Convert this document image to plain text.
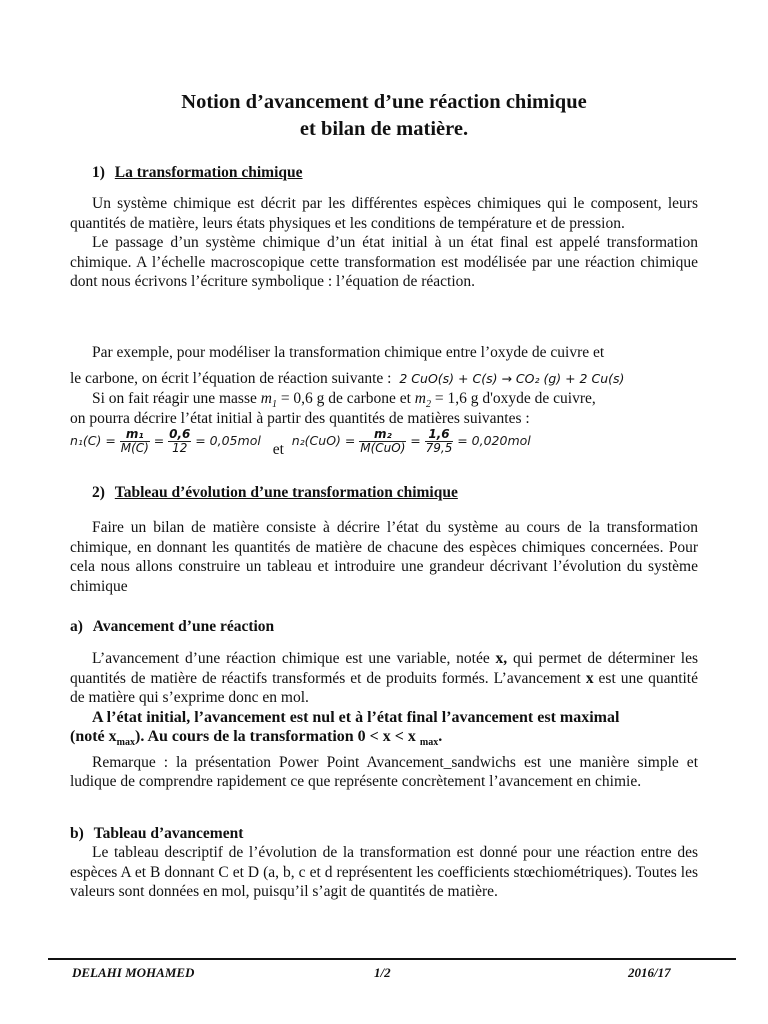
Notion d’avancement d’une réaction chimique
et bilan de matière.
1) La transformation chimique

Un système chimique est décrit par les différentes espèces chimiques qui le composent, leurs quantités de matière, leurs états physiques et les conditions de température et de pression.

Le passage d’un système chimique d’un état initial à un état final est appelé transformation chimique. A l’échelle macroscopique cette transformation est modélisée par une réaction chimique dont nous écrivons l’écriture symbolique : l’équation de réaction.

Par exemple, pour modéliser la transformation chimique entre l’oxyde de cuivre et

le carbone, on écrit l’équation de réaction suivante : 2 CuO(s) + C(s) → CO₂ (g) + 2 Cu(s)

Si on fait réagir une masse $m_1 = 0,6$ g de carbone et $m_2 = 1,6$ g d'oxyde de cuivre,

on pourra décrire l’état initial à partir des quantités de matières suivantes :
$n_1(C) = \frac{\text{m₁}}{M(C)} = \frac{0,6}{12} = 0,05mol$ et $n_2(CuO) = \frac{\text{m₂}}{\text{M(CuO)}} = \frac{1,6}{79,5} = 0,020mol$
2) Tableau d’évolution d’une transformation chimique

Faire un bilan de matière consiste à décrire l’état du système au cours de la transformation chimique, en donnant les quantités de matière de chacune des espèces chimiques concernées. Pour cela nous allons construire un tableau et introduire une grandeur décrivant l’évolution du système chimique

a) Avancement d’une réaction

L’avancement d’une réaction chimique est une variable, notée x, qui permet de déterminer les quantités de matière de réactifs transformés et de produits formés. L’avancement x est une quantité de matière qui s’exprime donc en mol.

A l’état initial, l’avancement est nul et à l’état final l’avancement est maximal

(noté $x_{max}$). Au cours de la transformation 0 < x < x $_{max}$.

Remarque : la présentation Power Point Avancement_sandwichs est une manière simple et ludique de comprendre rapidement ce que représente concrètement l’avancement en chimie.

b) Tableau d’avancement

Le tableau descriptif de l’évolution de la transformation est donné pour une réaction entre des espèces A et B donnant C et D (a, b, c et d représentent les coefficients stœchiométriques). Toutes les valeurs sont données en mol, puisqu’il s’agit de quantités de matière.

DELAHI MOHAMED	1/2	2016/17
